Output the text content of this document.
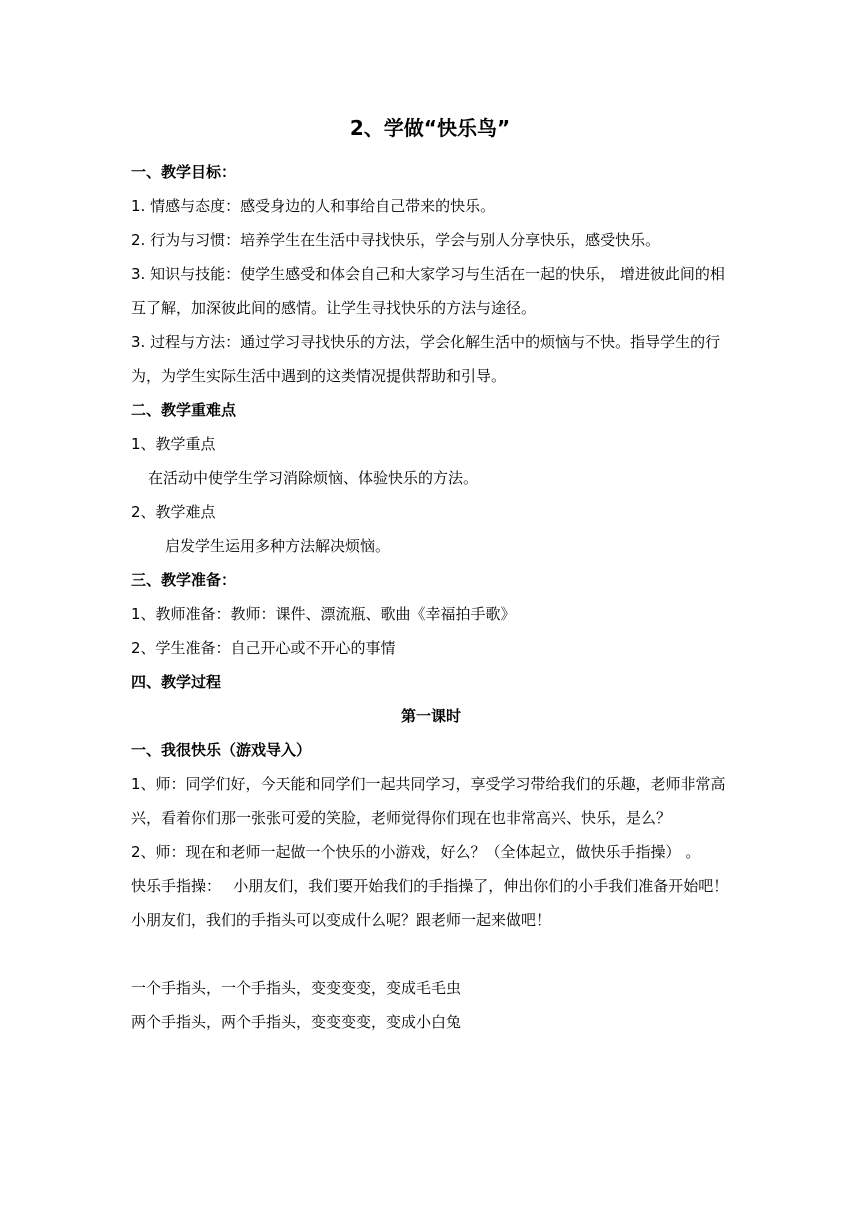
2、学做“快乐鸟”

一、教学目标：

1. 情感与态度：感受身边的人和事给自己带来的快乐。

2. 行为与习惯：培养学生在生活中寻找快乐，学会与别人分享快乐，感受快乐。

3. 知识与技能：使学生感受和体会自己和大家学习与生活在一起的快乐， 增进彼此间的相互了解，加深彼此间的感情。让学生寻找快乐的方法与途径。

3. 过程与方法：通过学习寻找快乐的方法，学会化解生活中的烦恼与不快。指导学生的行为，为学生实际生活中遇到的这类情况提供帮助和引导。

二、教学重难点

1、教学重点

在活动中使学生学习消除烦恼、体验快乐的方法。

2、教学难点

启发学生运用多种方法解决烦恼。

三、教学准备：

1、教师准备：教师：课件、漂流瓶、歌曲《幸福拍手歌》

2、学生准备：自己开心或不开心的事情

四、教学过程

第一课时

一、我很快乐（游戏导入）

1、师：同学们好，今天能和同学们一起共同学习，享受学习带给我们的乐趣，老师非常高兴，看着你们那一张张可爱的笑脸，老师觉得你们现在也非常高兴、快乐，是么？

2、师：现在和老师一起做一个快乐的小游戏，好么？（全体起立，做快乐手指操） 。

快乐手指操：　 小朋友们，我们要开始我们的手指操了，伸出你们的小手我们准备开始吧！　小朋友们，我们的手指头可以变成什么呢？跟老师一起来做吧！

一个手指头，一个手指头，变变变变，变成毛毛虫

两个手指头，两个手指头，变变变变，变成小白兔
